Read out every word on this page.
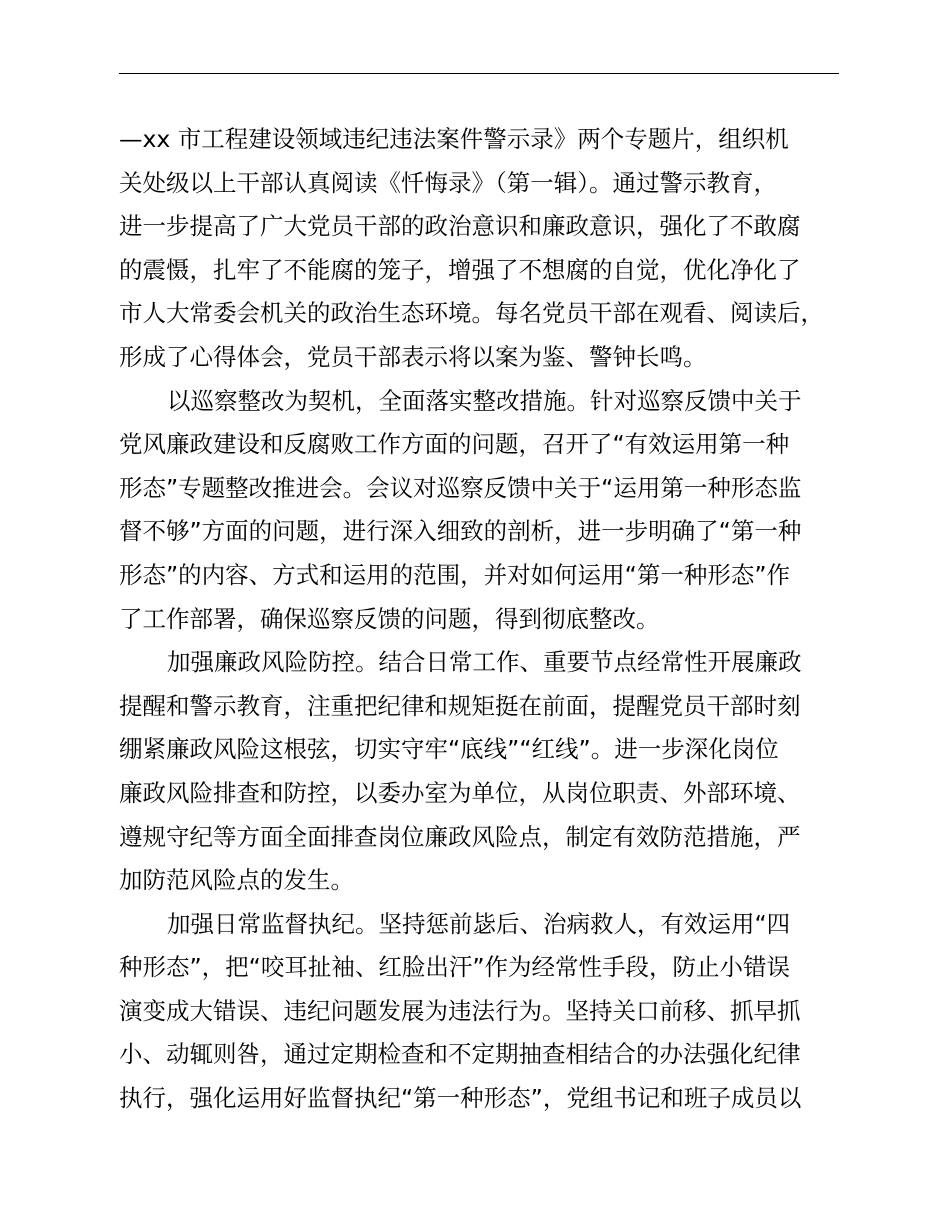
—xx 市工程建设领域违纪违法案件警示录》两个专题片，组织机
关处级以上干部认真阅读《忏悔录》（第一辑）。通过警示教育，
进一步提高了广大党员干部的政治意识和廉政意识，强化了不敢腐
的震慑，扎牢了不能腐的笼子，增强了不想腐的自觉，优化净化了
市人大常委会机关的政治生态环境。每名党员干部在观看、阅读后，
形成了心得体会，党员干部表示将以案为鉴、警钟长鸣。
以巡察整改为契机，全面落实整改措施。针对巡察反馈中关于
党风廉政建设和反腐败工作方面的问题，召开了“有效运用第一种
形态”专题整改推进会。会议对巡察反馈中关于“运用第一种形态监
督不够”方面的问题，进行深入细致的剖析，进一步明确了“第一种
形态”的内容、方式和运用的范围，并对如何运用“第一种形态”作
了工作部署，确保巡察反馈的问题，得到彻底整改。
加强廉政风险防控。结合日常工作、重要节点经常性开展廉政
提醒和警示教育，注重把纪律和规矩挺在前面，提醒党员干部时刻
绷紧廉政风险这根弦，切实守牢“底线”“红线”。进一步深化岗位
廉政风险排查和防控，以委办室为单位，从岗位职责、外部环境、
遵规守纪等方面全面排查岗位廉政风险点，制定有效防范措施，严
加防范风险点的发生。
加强日常监督执纪。坚持惩前毖后、治病救人，有效运用“四
种形态”，把“咬耳扯袖、红脸出汗”作为经常性手段，防止小错误
演变成大错误、违纪问题发展为违法行为。坚持关口前移、抓早抓
小、动辄则咎，通过定期检查和不定期抽查相结合的办法强化纪律
执行，强化运用好监督执纪“第一种形态”，党组书记和班子成员以
